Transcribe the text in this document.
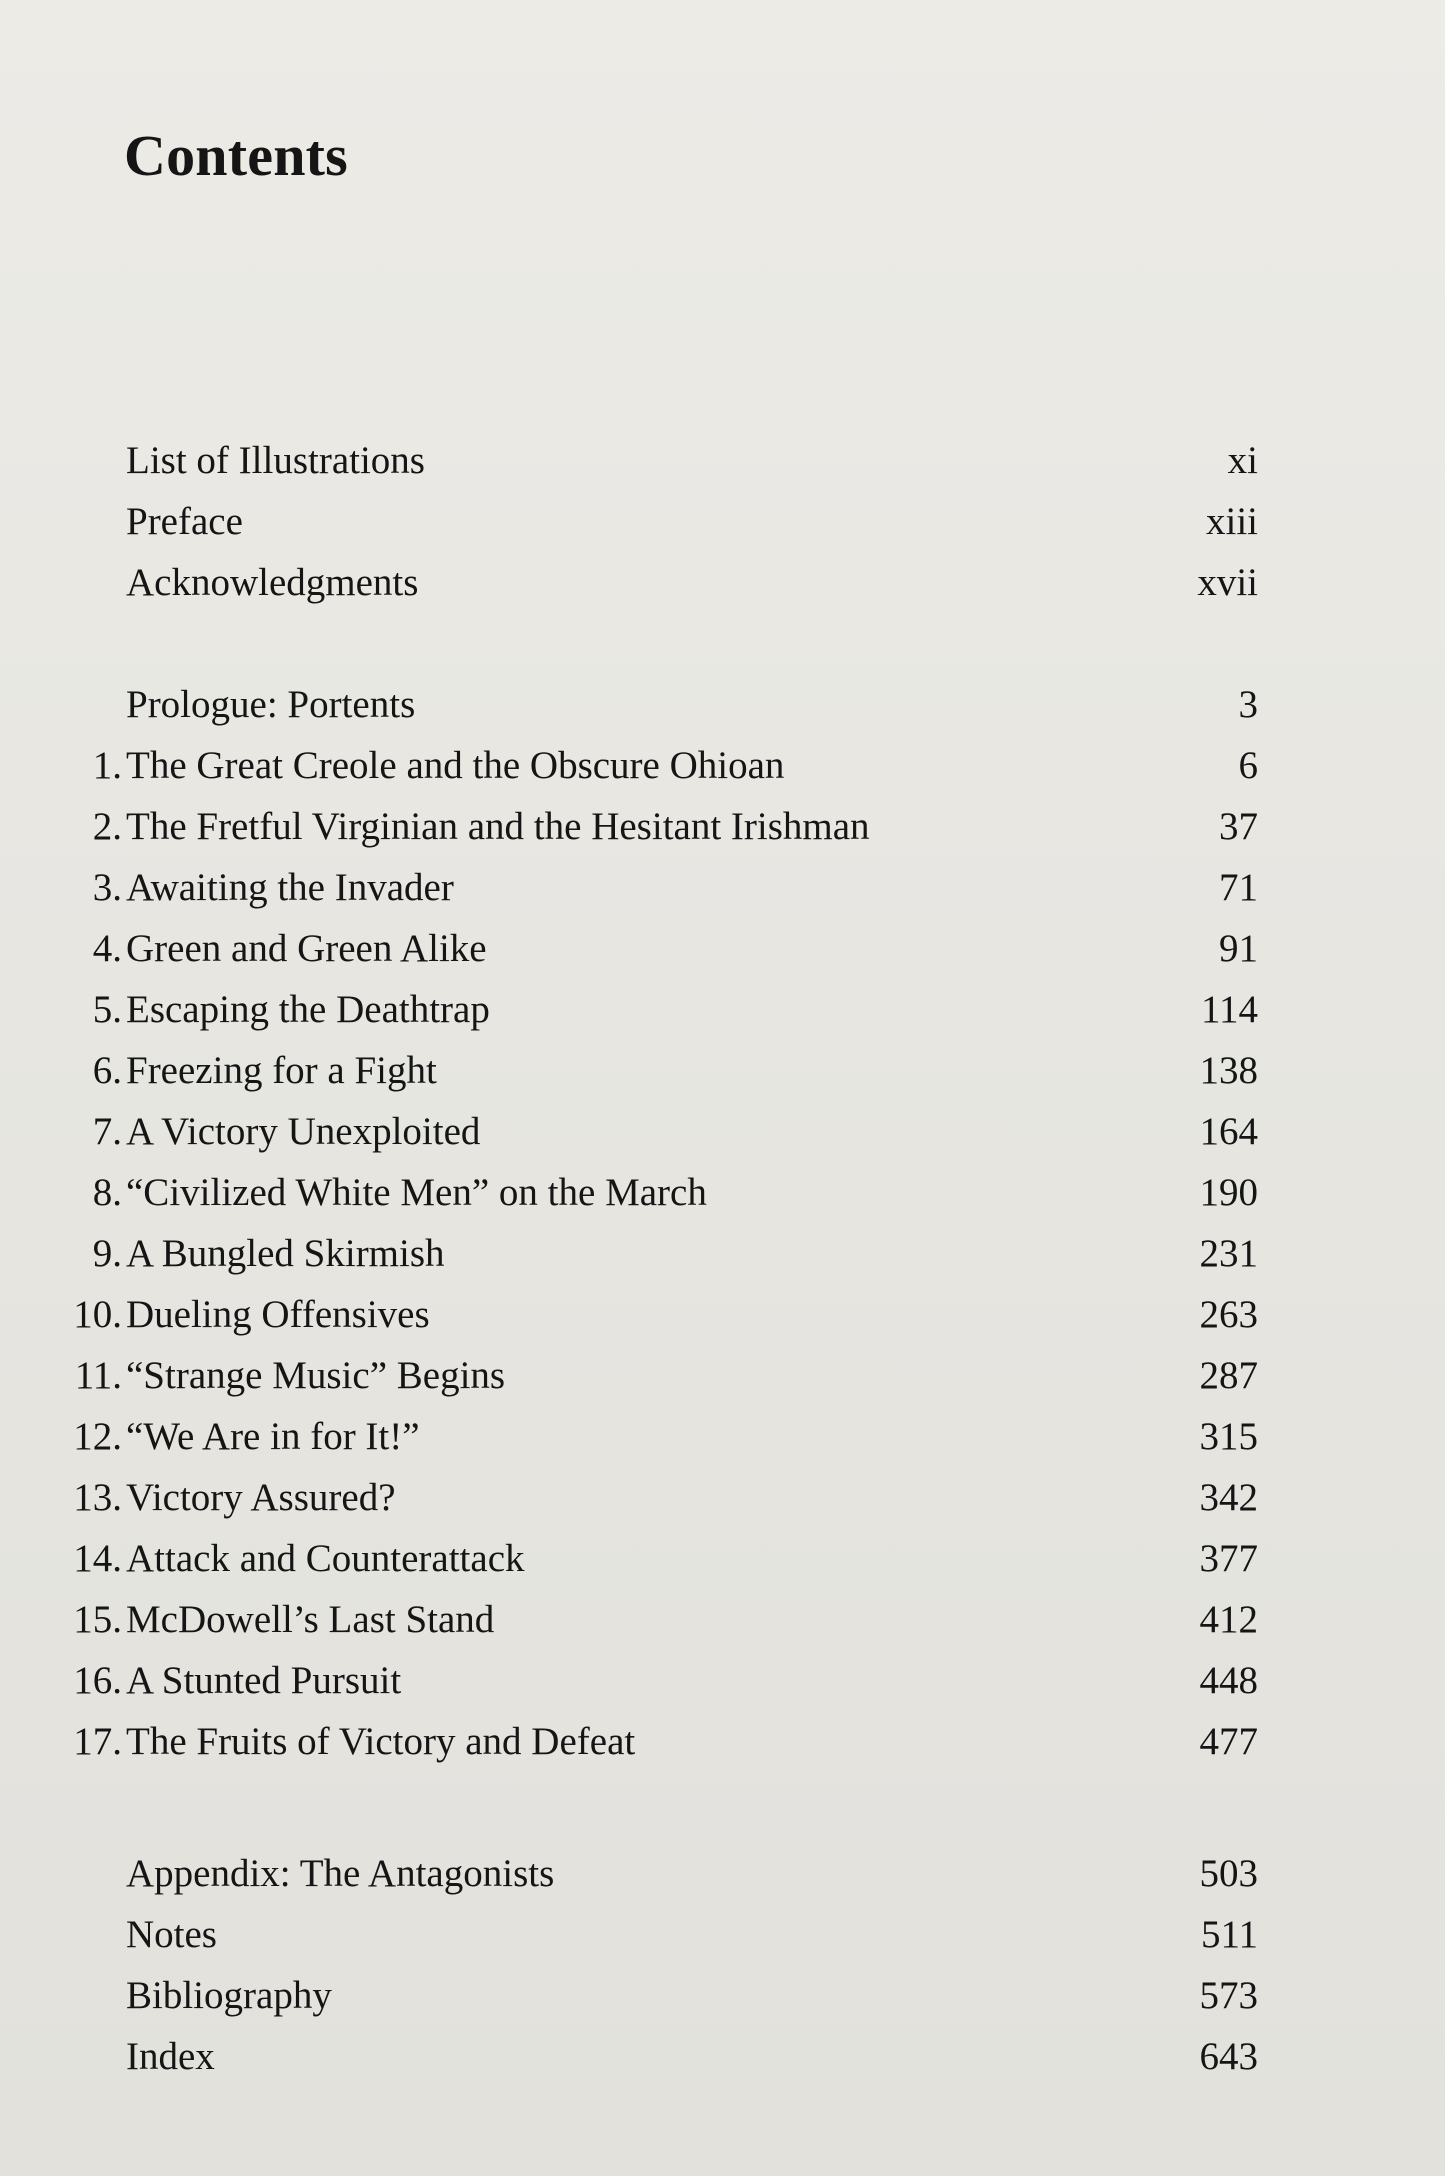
Contents
List of Illustrations	xi
Preface	xiii
Acknowledgments	xvii
Prologue: Portents	3
1. The Great Creole and the Obscure Ohioan	6
2. The Fretful Virginian and the Hesitant Irishman	37
3. Awaiting the Invader	71
4. Green and Green Alike	91
5. Escaping the Deathtrap	114
6. Freezing for a Fight	138
7. A Victory Unexploited	164
8. “Civilized White Men” on the March	190
9. A Bungled Skirmish	231
10. Dueling Offensives	263
11. “Strange Music” Begins	287
12. “We Are in for It!”	315
13. Victory Assured?	342
14. Attack and Counterattack	377
15. McDowell’s Last Stand	412
16. A Stunted Pursuit	448
17. The Fruits of Victory and Defeat	477
Appendix: The Antagonists	503
Notes	511
Bibliography	573
Index	643
